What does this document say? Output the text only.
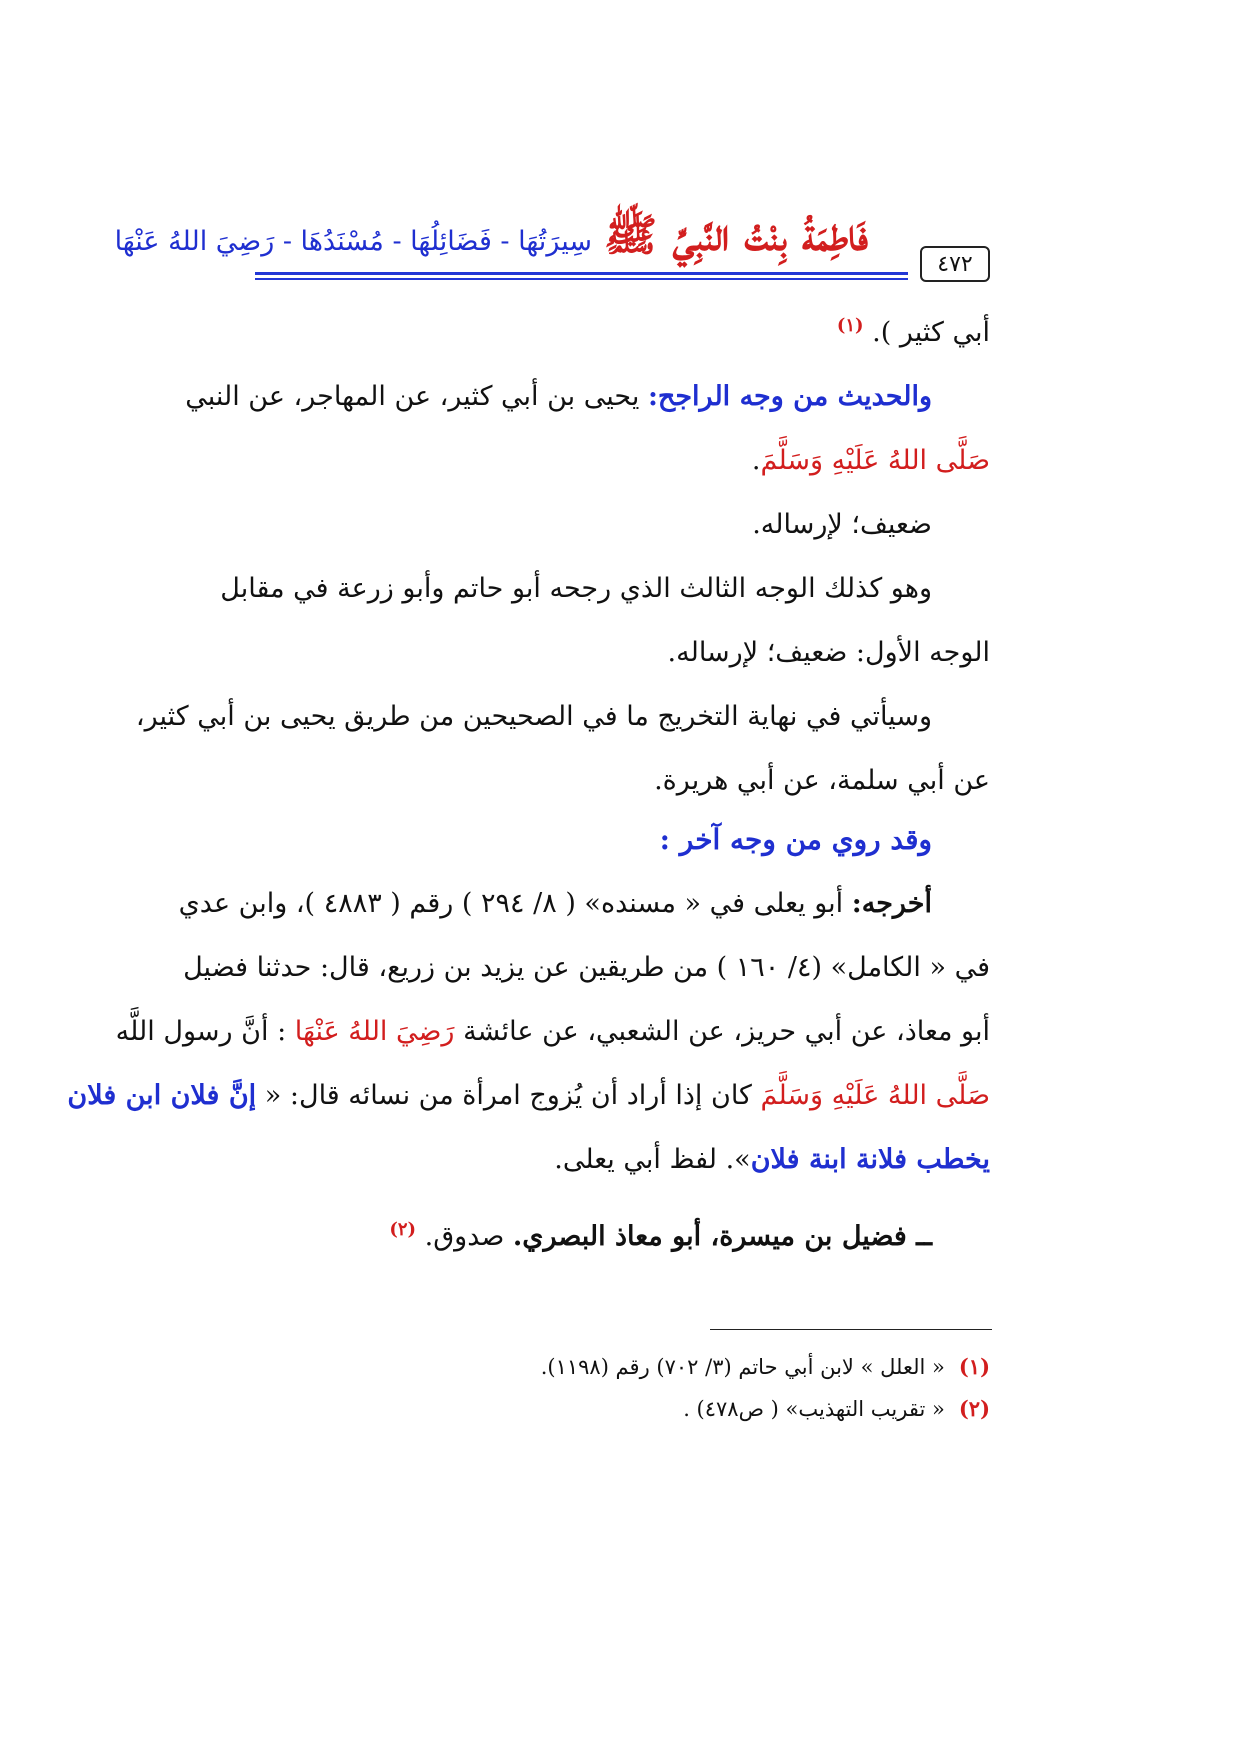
٤٧٢
فَاطِمَةُ بِنْتُ النَّبِيِّ ﷺ
سِيرَتُهَا - فَضَائِلُهَا - مُسْنَدُهَا - رَضِيَ اللهُ عَنْهَا
أبي كثير ). $^{(١)}$
والحديث من وجه الراجح: يحيى بن أبي كثير، عن المهاجر، عن النبي
صَلَّى اللهُ عَلَيْهِ وَسَلَّمَ.
ضعيف؛ لإرساله.
وهو كذلك الوجه الثالث الذي رجحه أبو حاتم وأبو زرعة في مقابل
الوجه الأول: ضعيف؛ لإرساله.
وسيأتي في نهاية التخريج ما في الصحيحين من طريق يحيى بن أبي كثير،
عن أبي سلمة، عن أبي هريرة.
وقد روي من وجه آخر :
أخرجه: أبو يعلى في « مسنده» ( ٨/ ٢٩٤ ) رقم ( ٤٨٨٣ )، وابن عدي
في « الكامل» (٤/ ١٦٠ ) من طريقين عن يزيد بن زريع، قال: حدثنا فضيل
أبو معاذ، عن أبي حريز، عن الشعبي، عن عائشة رَضِيَ اللهُ عَنْهَا : أنَّ رسول اللَّه
صَلَّى اللهُ عَلَيْهِ وَسَلَّمَ كان إذا أراد أن يُزوج امرأة من نسائه قال: « إنَّ فلان ابن فلان
يخطب فلانة ابنة فلان». لفظ أبي يعلى.
ــ فضيل بن ميسرة، أبو معاذ البصري. صدوق. $^{(٢)}$
(١)« العلل » لابن أبي حاتم (٣/ ٧٠٢) رقم (١١٩٨).
(٢)« تقريب التهذيب» ( ص٤٧٨) .
